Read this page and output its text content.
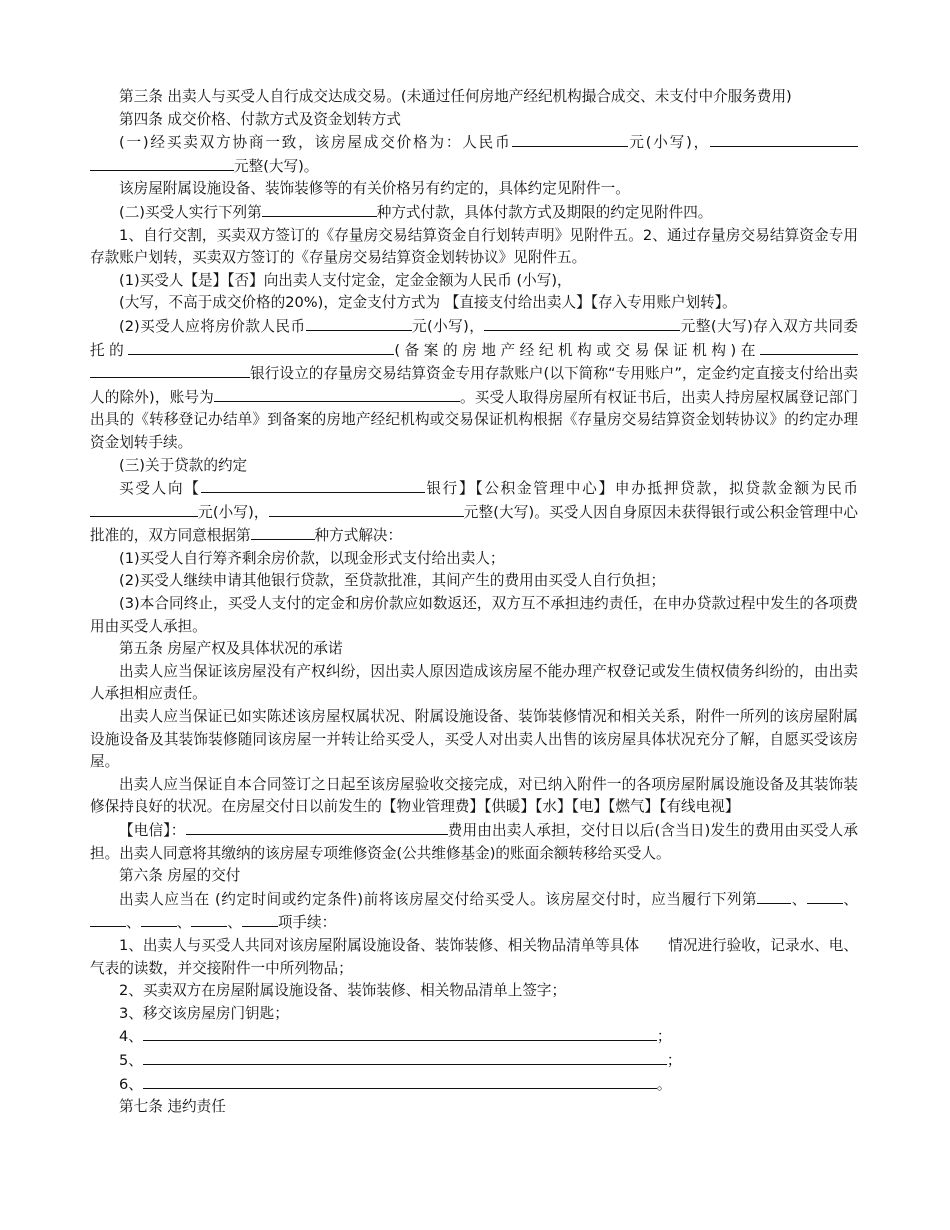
第三条 出卖人与买受人自行成交达成交易。(未通过任何房地产经纪机构撮合成交、未支付中介服务费用)

第四条 成交价格、付款方式及资金划转方式

(一)经买卖双方协商一致，该房屋成交价格为：人民币	元(小写)，元整(大写)。

该房屋附属设施设备、装饰装修等的有关价格另有约定的，具体约定见附件一。

(二)买受人实行下列第	种方式付款，具体付款方式及期限的约定见附件四。

1、自行交割，买卖双方签订的《存量房交易结算资金自行划转声明》见附件五。2、通过存量房交易结算资金专用存款账户划转，买卖双方签订的《存量房交易结算资金划转协议》见附件五。

(1)买受人【是】【否】向出卖人支付定金，定金金额为人民币 (小写)，

(大写，不高于成交价格的20%)，定金支付方式为 【直接支付给出卖人】【存入专用账户划转】。

(2)买受人应将房价款人民币	元(小写)，	元整(大写)存入双方共同委托的	(备案的房地产经纪机构或交易保证机构)在银行设立的存量房交易结算资金专用存款账户(以下简称“专用账户”，定金约定直接支付给出卖人的除外)，账号为	。买受人取得房屋所有权证书后，出卖人持房屋权属登记部门出具的《转移登记办结单》到备案的房地产经纪机构或交易保证机构根据《存量房交易结算资金划转协议》的约定办理资金划转手续。

(三)关于贷款的约定

买受人向【	银行】【公积金管理中心】申办抵押贷款，拟贷款金额为民币元(小写)，	元整(大写)。买受人因自身原因未获得银行或公积金管理中心批准的，双方同意根据第	种方式解决：

(1)买受人自行筹齐剩余房价款，以现金形式支付给出卖人；

(2)买受人继续申请其他银行贷款，至贷款批准，其间产生的费用由买受人自行负担；

(3)本合同终止，买受人支付的定金和房价款应如数返还，双方互不承担违约责任，在申办贷款过程中发生的各项费用由买受人承担。

第五条 房屋产权及具体状况的承诺

出卖人应当保证该房屋没有产权纠纷，因出卖人原因造成该房屋不能办理产权登记或发生债权债务纠纷的，由出卖人承担相应责任。

出卖人应当保证已如实陈述该房屋权属状况、附属设施设备、装饰装修情况和相关关系，附件一所列的该房屋附属设施设备及其装饰装修随同该房屋一并转让给买受人，买受人对出卖人出售的该房屋具体状况充分了解，自愿买受该房屋。

出卖人应当保证自本合同签订之日起至该房屋验收交接完成，对已纳入附件一的各项房屋附属设施设备及其装饰装修保持良好的状况。在房屋交付日以前发生的【物业管理费】【供暖】【水】【电】【燃气】【有线电视】

【电信】：	费用由出卖人承担，交付日以后(含当日)发生的费用由买受人承担。出卖人同意将其缴纳的该房屋专项维修资金(公共维修基金)的账面余额转移给买受人。

第六条 房屋的交付

出卖人应当在 (约定时间或约定条件)前将该房屋交付给买受人。该房屋交付时，应当履行下列第 、 、、 、 、 项手续：

1、出卖人与买受人共同对该房屋附属设施设备、装饰装修、相关物品清单等具体　　情况进行验收，记录水、电、气表的读数，并交接附件一中所列物品；

2、买卖双方在房屋附属设施设备、装饰装修、相关物品清单上签字；

3、移交该房屋房门钥匙；

4、	；

5、	；

6、	。

第七条 违约责任
